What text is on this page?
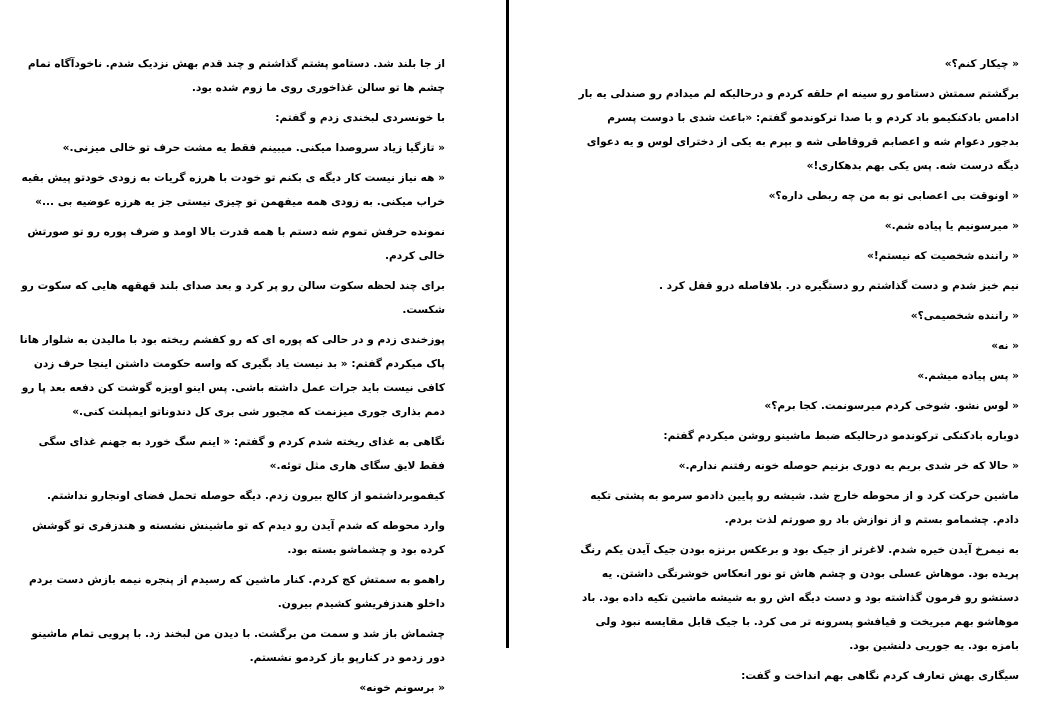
از جا بلند شد. دستامو پشتم گذاشتم و چند قدم بهش نزدیک شدم. ناخودآگاه تمام چشم ها تو سالن غذاخوری روی ما زوم شده بود.

با خونسردی لبخندی زدم و گفتم:

« تازگیا زیاد سروصدا میکنی. میبینم فقط یه مشت حرف تو خالی میزنی.»

« هه نیاز نیست کار دیگه ی بکنم تو خودت با هرزه گریات به زودی خودتو پیش بقیه خراب میکنی. به زودی همه میفهمن تو چیزی نیستی جز یه هرزه عوضیه بی ...»

نمونده حرفش تموم شه دستم با همه قدرت بالا اومد و ضرف پوره رو تو صورتش خالی کردم.

برای چند لحظه سکوت سالن رو پر کرد و بعد صدای بلند قهقهه هایی که سکوت رو شکست.

پوزخندی زدم و در حالی که پوره ای که رو کفشم ریخته بود با مالیدن به شلوار هانا پاک میکردم گفتم: « بد نیست یاد بگیری که واسه حکومت داشتن اینجا حرف زدن کافی نیست باید جرات عمل داشته باشی. پس اینو اویزه گوشت کن دفعه بعد پا رو دمم بذاری جوری میزنمت که مجبور شی بری کل دندوناتو ایمپلنت کنی.»

نگاهی به غذای ریخته شدم کردم و گفتم: « اینم سگ خورد به جهنم غذای سگی فقط لایق سگای هاری مثل توئه.»

کیفموبرداشتمو از کالج بیرون زدم. دیگه حوصله تحمل فضای اونجارو نداشتم.

وارد محوطه که شدم آیدن رو دیدم که تو ماشینش نشسته و هندزفری تو گوشش کرده بود و چشماشو بسته بود.

راهمو به سمتش کج کردم. کنار ماشین که رسیدم از پنجره نیمه بازش دست بردم داخلو هندزفریشو کشیدم بیرون.

چشماش باز شد و سمت من برگشت. با دیدن من لبخند زد. با پرویی تمام ماشینو دور زدمو در کنارپو باز کردمو نشستم.

« برسونم خونه»

« چیکار کنم؟»

برگشتم سمتش دستامو رو سینه ام حلقه کردم و درحالیکه لم میدادم رو صندلی یه بار ادامس بادکنکیمو باد کردم و با صدا ترکوندمو گفتم: «باعث شدی با دوست پسرم بدجور دعوام شه و اعصابم قروقاطی شه و بپرم به یکی از دخترای لوس و یه دعوای دیگه درست شه. پس یکی بهم بدهکاری!»

« اونوقت بی اعصابی تو به من چه ربطی داره؟»

« میرسونیم یا پیاده شم.»

« راننده شخصیت که نیستم!»

نیم خیز شدم و دست گذاشتم رو دستگیره در. بلافاصله درو قفل کرد .

« راننده شخصیمی؟»

« نه»

« پس پیاده میشم.»

« لوس نشو. شوخی کردم میرسونمت. کجا برم؟»

دوباره بادکنکی ترکوندمو درحالیکه ضبط ماشینو روشن میکردم گفتم:

« حالا که خر شدی بریم یه دوری بزنیم حوصله خونه رفتنم ندارم.»

ماشین حرکت کرد و از محوطه خارج شد. شیشه رو پایین دادمو سرمو به پشتی تکیه دادم. چشمامو بستم و از نوازش باد رو صورتم لذت بردم.

به نیمرخ آیدن خیره شدم. لاغرتر از جیک بود و برعکس برنزه بودن جیک آیدن یکم رنگ پریده بود. موهاش عسلی بودن و چشم هاش تو نور انعکاس خوشرنگی داشتن. یه دستشو رو فرمون گذاشته بود و دست دیگه اش رو به شیشه ماشین تکیه داده بود. باد موهاشو بهم میریخت و قیافشو پسرونه تر می کرد. با جیک قابل مقایسه نبود ولی بامزه بود. یه جوریی دلنشین بود.

سیگاری بهش تعارف کردم نگاهی بهم انداخت و گفت:
